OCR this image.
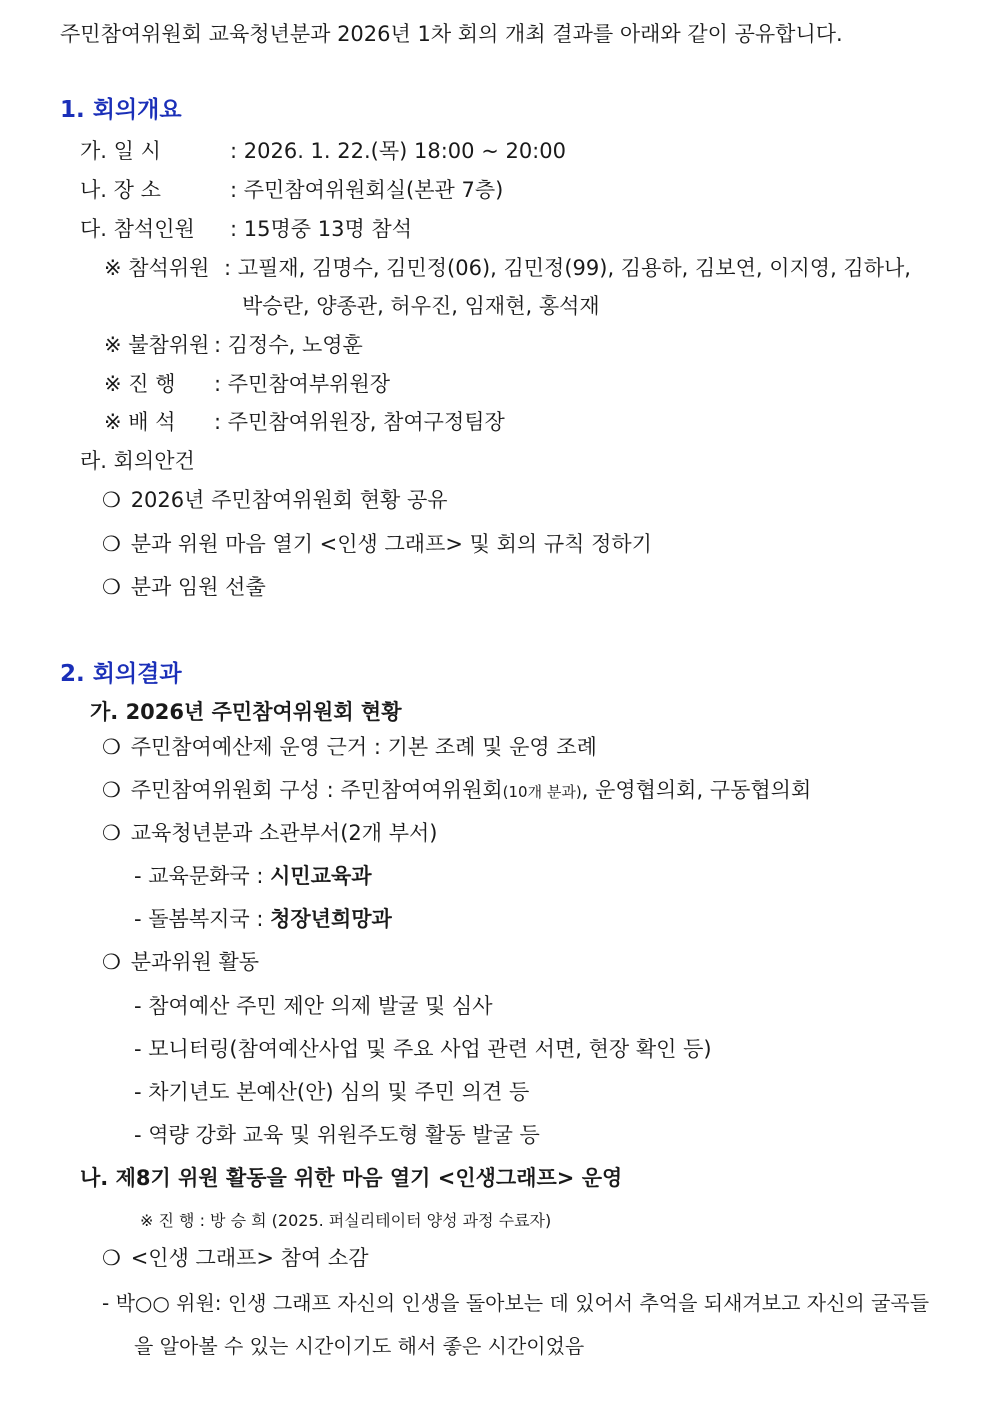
주민참여위원회 교육청년분과 2026년 1차 회의 개최 결과를 아래와 같이 공유합니다.
1. 회의개요
가. 일 시	: 2026. 1. 22.(목) 18:00 ~ 20:00
나. 장 소	: 주민참여위원회실(본관 7층)
다. 참석인원 : 15명중 13명 참석
※ 참석위원 : 고필재, 김명수, 김민정(06), 김민정(99), 김용하, 김보연, 이지영, 김하나,
박승란, 양종관, 허우진, 임재현, 홍석재
※ 불참위원 : 김정수, 노영훈
※ 진 행 : 주민참여부위원장
※ 배 석 : 주민참여위원장, 참여구정팀장
라. 회의안건
❍ 2026년 주민참여위원회 현황 공유
❍ 분과 위원 마음 열기 <인생 그래프> 및 회의 규칙 정하기
❍ 분과 임원 선출
2. 회의결과
가. 2026년 주민참여위원회 현황
❍ 주민참여예산제 운영 근거 : 기본 조례 및 운영 조례
❍ 주민참여위원회 구성 : 주민참여여위원회(10개 분과), 운영협의회, 구동협의회
❍ 교육청년분과 소관부서(2개 부서)
- 교육문화국 : 시민교육과
- 돌봄복지국 : 청장년희망과
❍ 분과위원 활동
- 참여예산 주민 제안 의제 발굴 및 심사
- 모니터링(참여예산사업 및 주요 사업 관련 서면, 현장 확인 등)
- 차기년도 본예산(안) 심의 및 주민 의견 등
- 역량 강화 교육 및 위원주도형 활동 발굴 등
나. 제8기 위원 활동을 위한 마음 열기 <인생그래프> 운영
※ 진 행 : 방 승 희 (2025. 퍼실리테이터 양성 과정 수료자)
❍ <인생 그래프> 참여 소감
- 박○○ 위원: 인생 그래프 자신의 인생을 돌아보는 데 있어서 추억을 되새겨보고 자신의 굴곡들
을 알아볼 수 있는 시간이기도 해서 좋은 시간이었음
